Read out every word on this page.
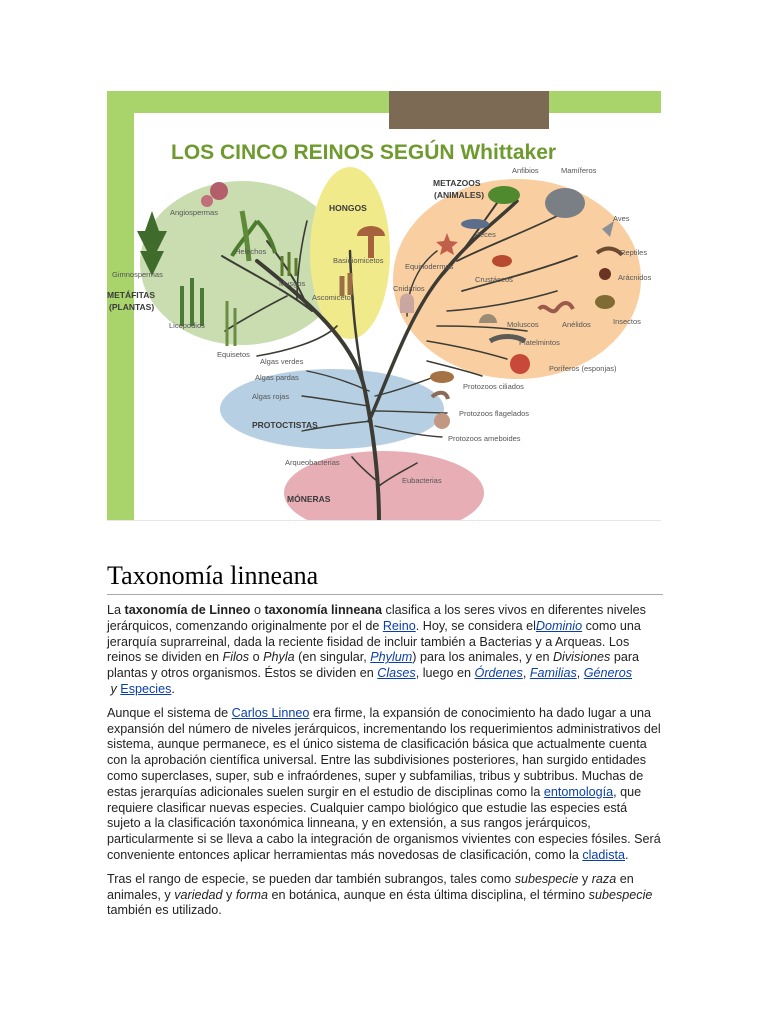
LOS CINCO REINOS SEGÚN Whittaker
METÁFITAS
(PLANTAS)
HONGOS
METAZOOS
(ANIMALES)
PROTOCTISTAS
MÓNERAS
Angiospermas
Helechos
Gimnospermas
Musgos
Licopodios
Equisetos
Basidiomicetos
Ascomicetos
Anfibios	Mamíferos
Aves
Peces
Equinodermos
Reptiles
Arácnidos
Crustáceos
Cnidarios
Insectos
Moluscos	Anélidos
Platelmintos
Poríferos (esponjas)
Algas verdes
Algas pardas
Algas rojas
Protozoos ciliados
Protozoos flagelados
Protozoos ameboides
Arqueobacterias
Eubacterias
Taxonomía linneana

La taxonomía de Linneo o taxonomía linneana clasifica a los seres vivos en diferentes niveles jerárquicos, comenzando originalmente por el de Reino. Hoy, se considera elDominio como una jerarquía suprarreinal, dada la reciente fisidad de incluir también a Bacterias y a Arqueas. Los reinos se dividen en Filos o Phyla (en singular, Phylum) para los animales, y en Divisiones para plantas y otros organismos. Éstos se dividen en Clases, luego en Órdenes, Familias, Géneros y Especies.

Aunque el sistema de Carlos Linneo era firme, la expansión de conocimiento ha dado lugar a una expansión del número de niveles jerárquicos, incrementando los requerimientos administrativos del sistema, aunque permanece, es el único sistema de clasificación básica que actualmente cuenta con la aprobación científica universal. Entre las subdivisiones posteriores, han surgido entidades como superclases, super, sub e infraórdenes, super y subfamilias, tribus y subtribus. Muchas de estas jerarquías adicionales suelen surgir en el estudio de disciplinas como la entomología, que requiere clasificar nuevas especies. Cualquier campo biológico que estudie las especies está sujeto a la clasificación taxonómica linneana, y en extensión, a sus rangos jerárquicos, particularmente si se lleva a cabo la integración de organismos vivientes con especies fósiles. Será conveniente entonces aplicar herramientas más novedosas de clasificación, como la cladista.

Tras el rango de especie, se pueden dar también subrangos, tales como subespecie y raza en animales, y variedad y forma en botánica, aunque en ésta última disciplina, el término subespecie también es utilizado.
